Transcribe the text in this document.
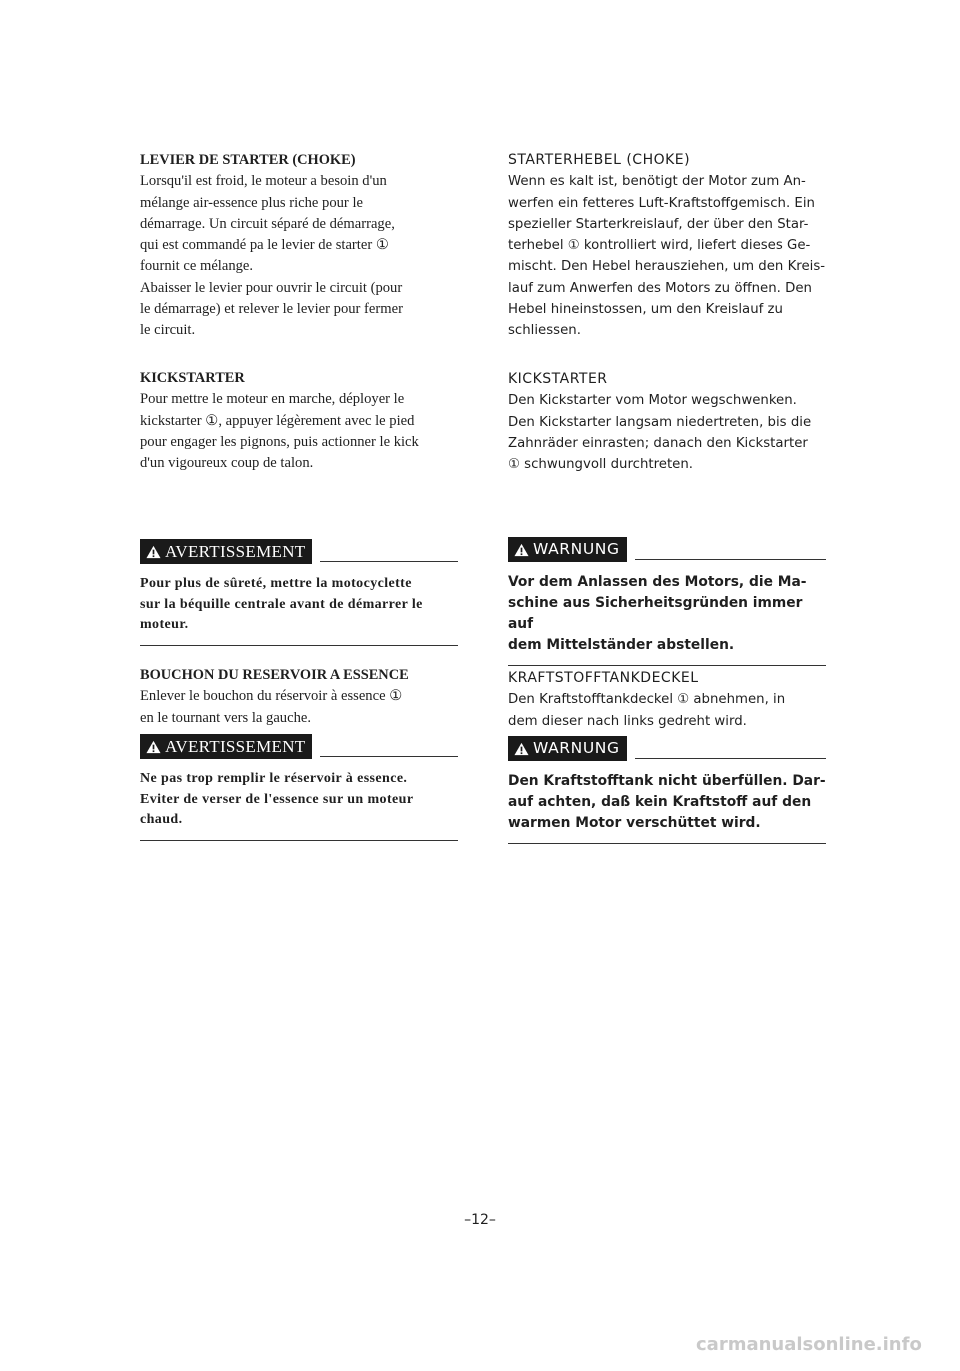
LEVIER DE STARTER (CHOKE)

Lorsqu'il est froid, le moteur a besoin d'un

mélange air-essence plus riche pour le

démarrage. Un circuit séparé de démarrage,

qui est commandé pa le levier de starter ①

fournit ce mélange.

Abaisser le levier pour ouvrir le circuit (pour

le démarrage) et relever le levier pour fermer

le circuit.

KICKSTARTER

Pour mettre le moteur en marche, déployer le

kickstarter ①, appuyer légèrement avec le pied

pour engager les pignons, puis actionner le kick

d'un vigoureux coup de talon.

AVERTISSEMENT

Pour plus de sûreté, mettre la motocyclette

sur la béquille centrale avant de démarrer le

moteur.

BOUCHON DU RESERVOIR A ESSENCE

Enlever le bouchon du réservoir à essence ①

en le tournant vers la gauche.

AVERTISSEMENT

Ne pas trop remplir le réservoir à essence.

Eviter de verser de l'essence sur un moteur

chaud.

STARTERHEBEL (CHOKE)

Wenn es kalt ist, benötigt der Motor zum An-

werfen ein fetteres Luft-Kraftstoffgemisch. Ein

spezieller Starterkreislauf, der über den Star-

terhebel ① kontrolliert wird, liefert dieses Ge-

mischt. Den Hebel herausziehen, um den Kreis-

lauf zum Anwerfen des Motors zu öffnen. Den

Hebel hineinstossen, um den Kreislauf zu

schliessen.

KICKSTARTER

Den Kickstarter vom Motor wegschwenken.

Den Kickstarter langsam niedertreten, bis die

Zahnräder einrasten; danach den Kickstarter

① schwungvoll durchtreten.

WARNUNG

Vor dem Anlassen des Motors, die Ma-

schine aus Sicherheitsgründen immer auf

dem Mittelständer abstellen.

KRAFTSTOFFTANKDECKEL

Den Kraftstofftankdeckel ① abnehmen, in

dem dieser nach links gedreht wird.

WARNUNG

Den Kraftstofftank nicht überfüllen. Dar-

auf achten, daß kein Kraftstoff auf den

warmen Motor verschüttet wird.

–12–
carmanualsonline.info
